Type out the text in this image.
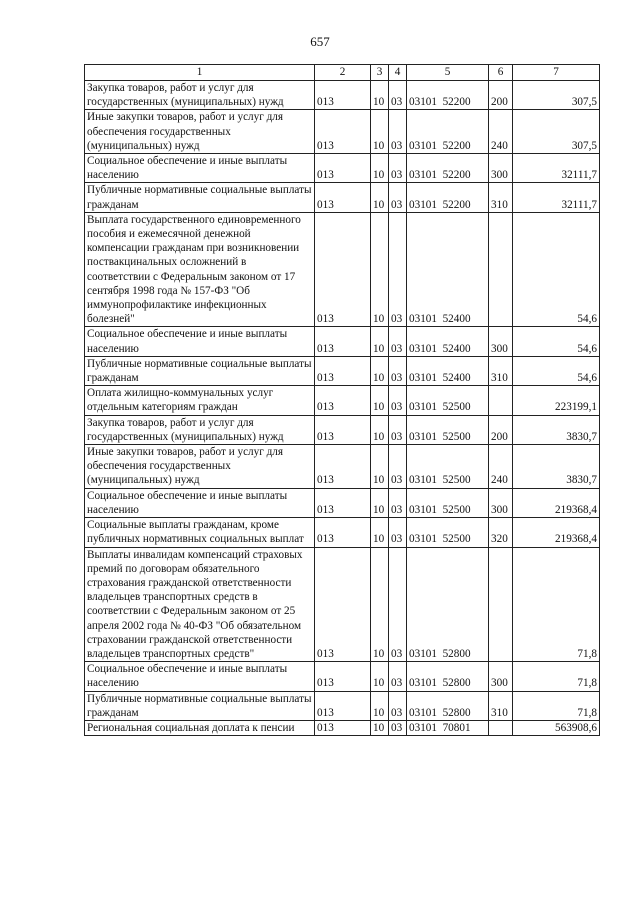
657
1	2	3	4	5	6	7
Закупка товаров, работ и услуг для государственных (муниципальных) нужд	013	10	03	03101  52200	200	307,5
Иные закупки товаров, работ и услуг для обеспечения государственных (муниципальных) нужд	013	10	03	03101  52200	240	307,5
Социальное обеспечение и иные выплаты населению	013	10	03	03101  52200	300	32111,7
Публичные нормативные социальные выплаты гражданам	013	10	03	03101  52200	310	32111,7
Выплата государственного единовременного пособия и ежемесячной денежной компенсации гражданам при возникновении поствакцинальных осложнений в соответствии с Федеральным законом от 17 сентября 1998 года № 157-ФЗ "Об иммунопрофилактике инфекционных болезней"	013	10	03	03101  52400		54,6
Социальное обеспечение и иные выплаты населению	013	10	03	03101  52400	300	54,6
Публичные нормативные социальные выплаты гражданам	013	10	03	03101  52400	310	54,6
Оплата жилищно-коммунальных услуг отдельным категориям граждан	013	10	03	03101  52500		223199,1
Закупка товаров, работ и услуг для государственных (муниципальных) нужд	013	10	03	03101  52500	200	3830,7
Иные закупки товаров, работ и услуг для обеспечения государственных (муниципальных) нужд	013	10	03	03101  52500	240	3830,7
Социальное обеспечение и иные выплаты населению	013	10	03	03101  52500	300	219368,4
Социальные выплаты гражданам, кроме публичных нормативных социальных выплат	013	10	03	03101  52500	320	219368,4
Выплаты инвалидам компенсаций страховых премий по договорам обязательного страхования гражданской ответственности владельцев транспортных средств в соответствии с Федеральным законом от 25 апреля 2002 года № 40-ФЗ "Об обязательном страховании гражданской ответственности владельцев транспортных средств"	013	10	03	03101  52800		71,8
Социальное обеспечение и иные выплаты населению	013	10	03	03101  52800	300	71,8
Публичные нормативные социальные выплаты гражданам	013	10	03	03101  52800	310	71,8
Региональная социальная доплата к пенсии	013	10	03	03101  70801		563908,6
